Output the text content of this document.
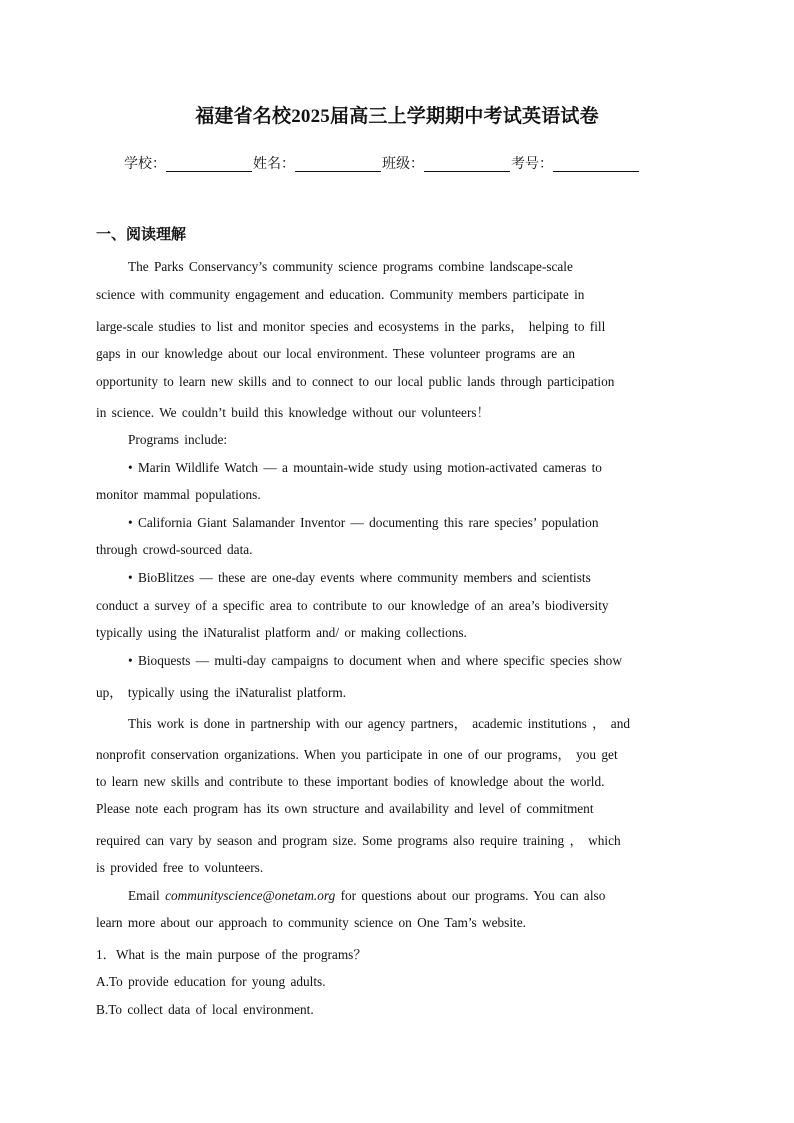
福建省名校2025届高三上学期期中考试英语试卷
学校：	姓名：	班级：	考号：
一、阅读理解
The Parks Conservancy’s community science programs combine landscape-scale
science with community engagement and education. Community members participate in
large-scale studies to list and monitor species and ecosystems in the parks， helping to fill
gaps in our knowledge about our local environment. These volunteer programs are an
opportunity to learn new skills and to connect to our local public lands through participation
in science. We couldn’t build this knowledge without our volunteers！
Programs include:
• Marin Wildlife Watch — a mountain-wide study using motion-activated cameras to
monitor mammal populations.
• California Giant Salamander Inventor — documenting this rare species’ population
through crowd-sourced data.
• BioBlitzes — these are one-day events where community members and scientists
conduct a survey of a specific area to contribute to our knowledge of an area’s biodiversity
typically using the iNaturalist platform and/ or making collections.
• Bioquests — multi-day campaigns to document when and where specific species show
up， typically using the iNaturalist platform.
This work is done in partnership with our agency partners， academic institutions ， and
nonprofit conservation organizations. When you participate in one of our programs， you get
to learn new skills and contribute to these important bodies of knowledge about the world.
Please note each program has its own structure and availability and level of commitment
required can vary by season and program size. Some programs also require training ， which
is provided free to volunteers.
Email communityscience@onetam.org for questions about our programs. You can also
learn more about our approach to community science on One Tam’s website.
1．What is the main purpose of the programs？
A.To provide education for young adults.
B.To collect data of local environment.
